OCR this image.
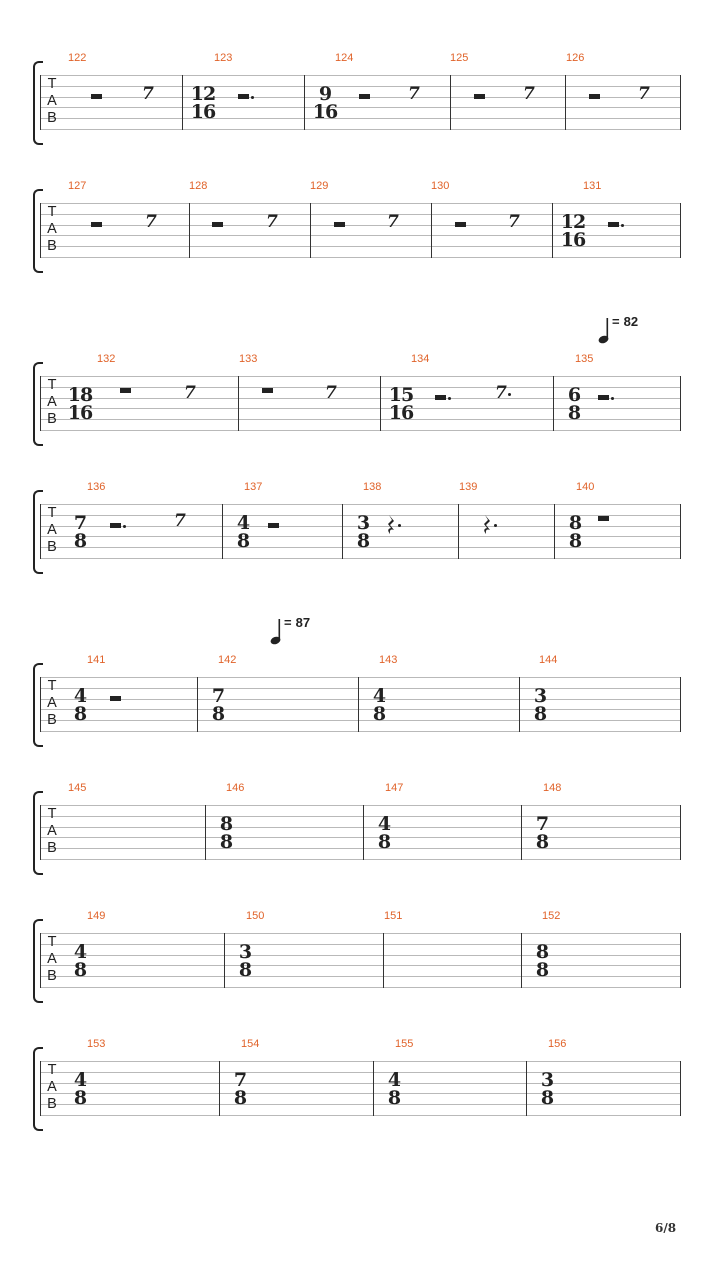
T
A
B
122	123
12
16
124
9
16
125	126
7	7	7	7
T
A
B
127	128	129	130	131
12
16
7	7	7	7
T
A
B
132
18
16
133	134
15
16
135
6
8
7	7	7
T
A
B
136
7
8
137
4
8
138
3
8
139	140
8
8
7
T
A
B
141
4
8
142
7
8
143
4
8
144
3
8
T
A
B
145	146
8
8
147
4
8
148
7
8
T
A
B
149
4
8
150
3
8
151	152
8
8
T
A
B
153
4
8
154
7
8
155
4
8
156
3
8
= 82
= 87
6/8
